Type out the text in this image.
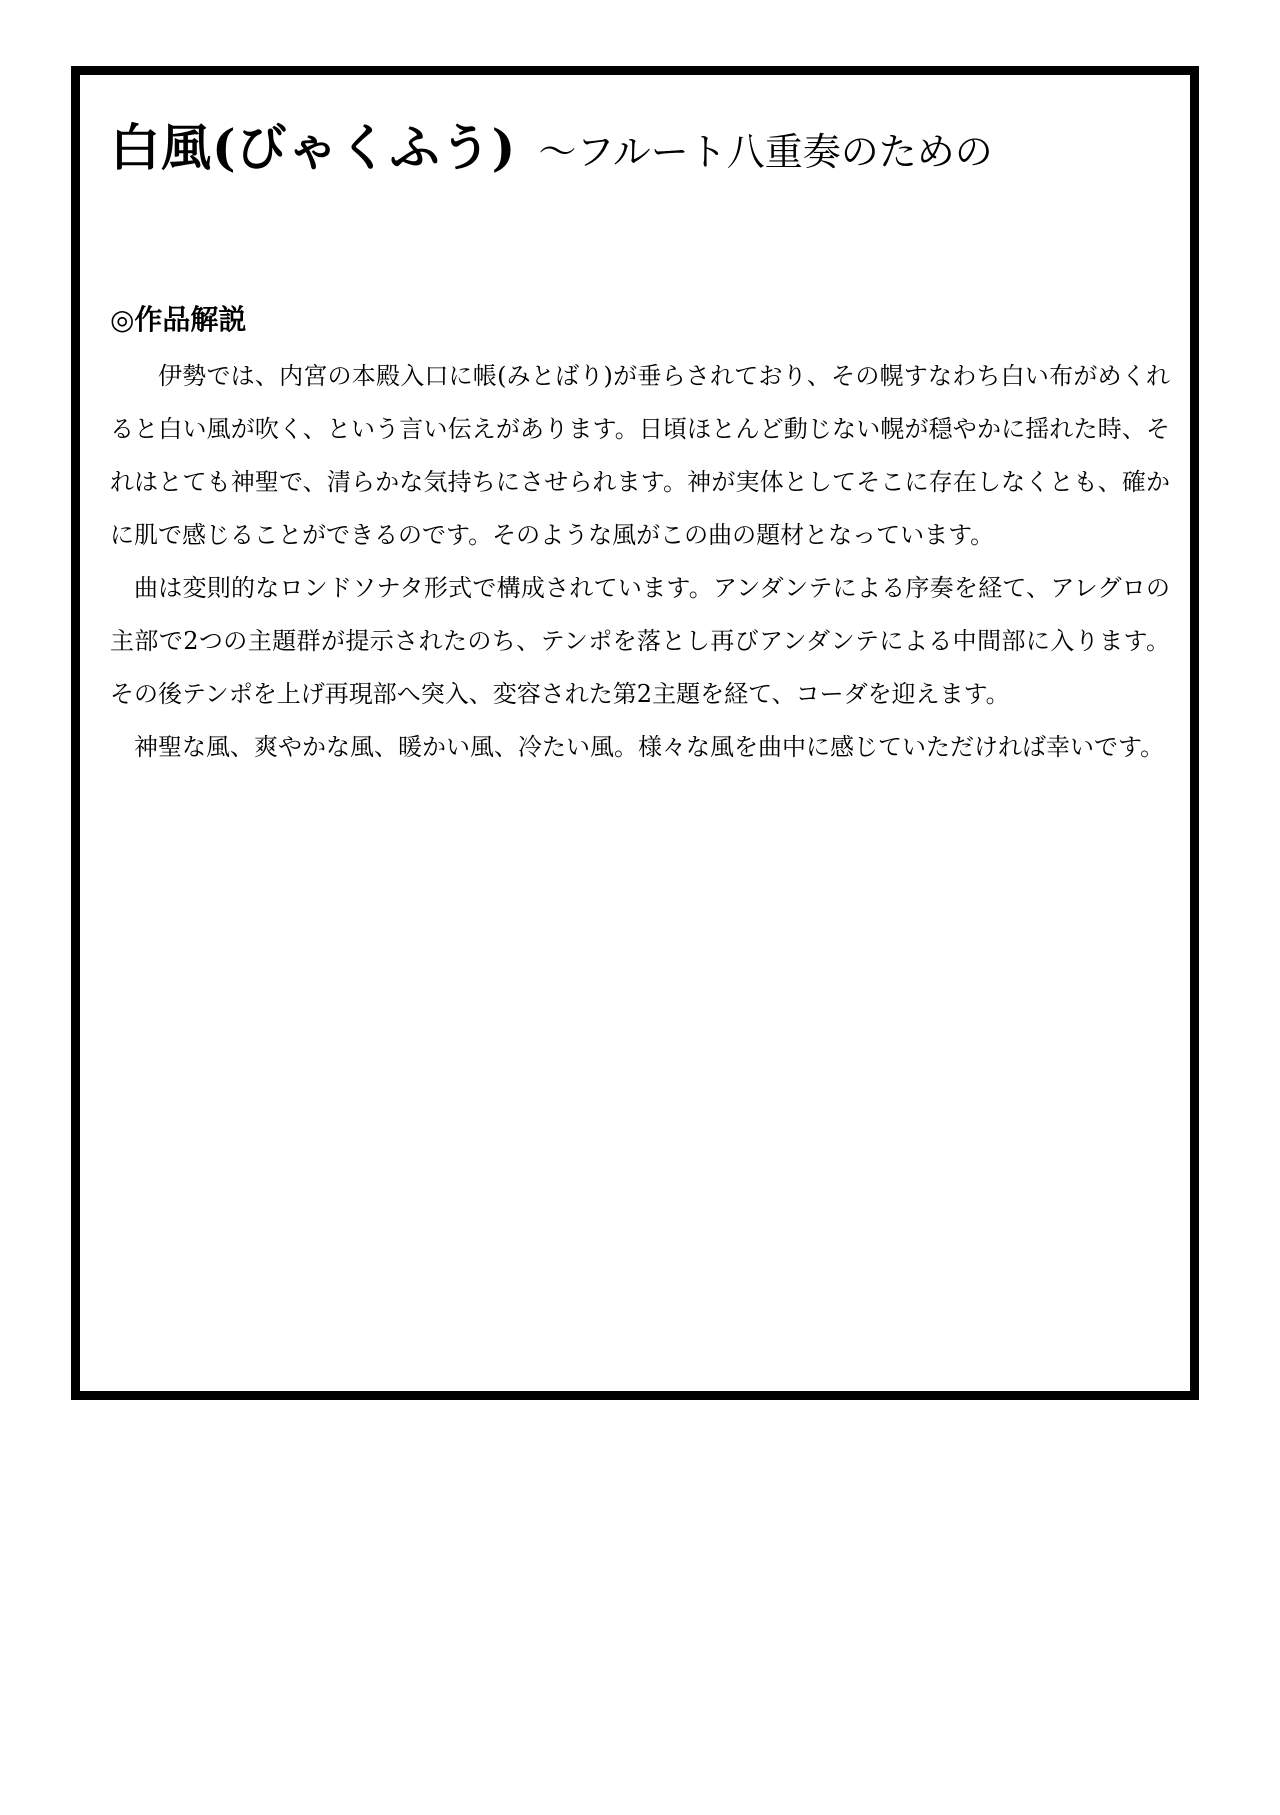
白風(びゃくふう) ～フルート八重奏のための
◎作品解説

伊勢では、内宮の本殿入口に帳(みとばり)が垂らされており、その幌すなわち白い布がめくれると白い風が吹く、という言い伝えがあります。日頃ほとんど動じない幌が穏やかに揺れた時、それはとても神聖で、清らかな気持ちにさせられます。神が実体としてそこに存在しなくとも、確かに肌で感じることができるのです。そのような風がこの曲の題材となっています。

曲は変則的なロンドソナタ形式で構成されています。アンダンテによる序奏を経て、アレグロの主部で2つの主題群が提示されたのち、テンポを落とし再びアンダンテによる中間部に入ります。その後テンポを上げ再現部へ突入、変容された第2主題を経て、コーダを迎えます。

神聖な風、爽やかな風、暖かい風、冷たい風。様々な風を曲中に感じていただければ幸いです。
